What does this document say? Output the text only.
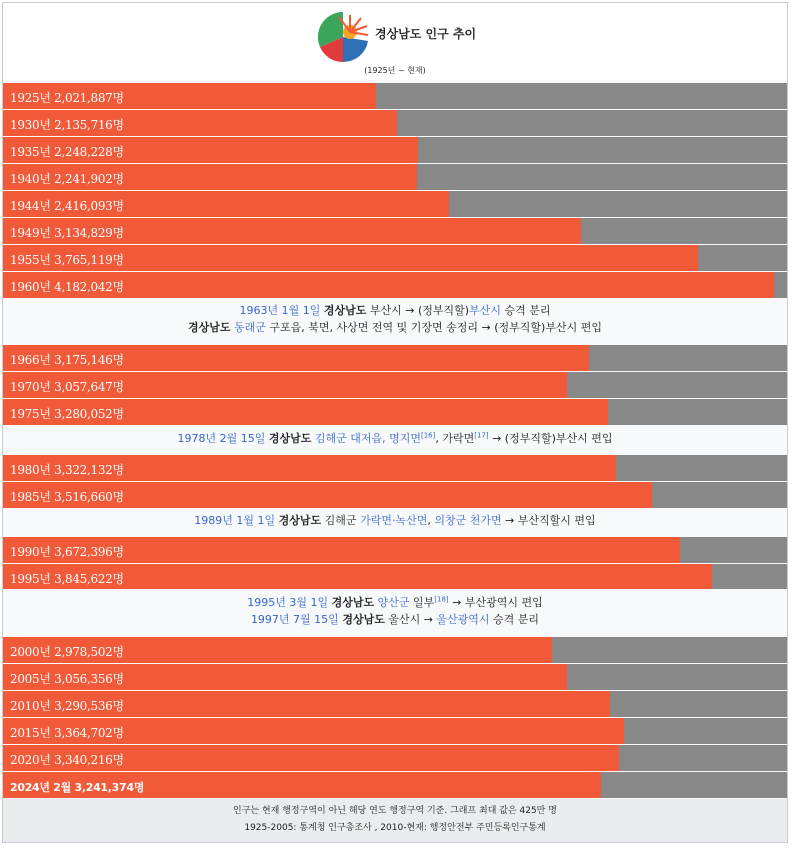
경상남도 인구 추이
(1925년 ~ 현재)
1925년 2,021,887명
1930년 2,135,716명
1935년 2,248,228명
1940년 2,241,902명
1944년 2,416,093명
1949년 3,134,829명
1955년 3,765,119명
1960년 4,182,042명
1966년 3,175,146명
1970년 3,057,647명
1975년 3,280,052명
1980년 3,322,132명
1985년 3,516,660명
1990년 3,672,396명
1995년 3,845,622명
2000년 2,978,502명
2005년 3,056,356명
2010년 3,290,536명
2015년 3,364,702명
2020년 3,340,216명
2024년 2월 3,241,374명
1963년 1월 1일 경상남도 부산시 → (정부직할)부산시 승격 분리
경상남도 동래군 구포읍, 북면, 사상면 전역 및 기장면 송정리 → (정부직할)부산시 편입
1978년 2월 15일 경상남도 김해군 대저읍, 명지면[16], 가락면[17] → (정부직할)부산시 편입
1989년 1월 1일 경상남도 김해군 가락면·녹산면, 의창군 천가면 → 부산직할시 편입
1995년 3월 1일 경상남도 양산군 일부[18] → 부산광역시 편입
1997년 7월 15일 경상남도 울산시 → 울산광역시 승격 분리
인구는 현재 행정구역이 아닌 해당 연도 행정구역 기준. 그래프 최대 값은 425만 명
1925-2005: 통계청 인구총조사 , 2010-현재: 행정안전부 주민등록인구통계
